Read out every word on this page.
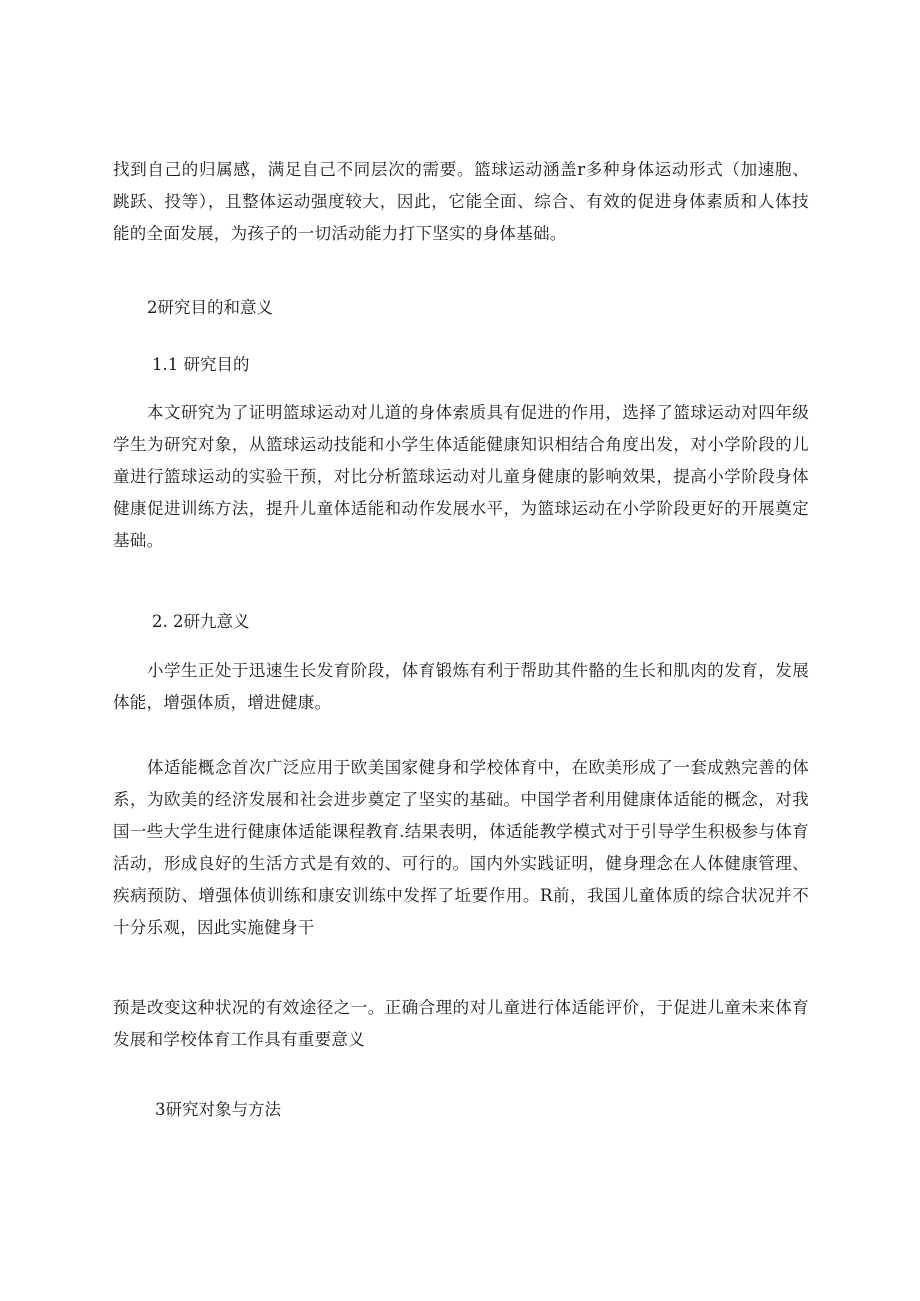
找到自己的归属感，满足自己不同层次的需要。篮球运动涵盖r多种身体运动形式（加速胞、跳跃、投等），且整体运动强度较大，因此，它能全面、综合、有效的促进身体素质和人体技能的全面发展，为孩子的一切活动能力打下坚实的身体基础。

2研究目的和意义

1.1 研究目的

本文研究为了证明篮球运动对儿道的身体索质具有促进的作用，选择了篮球运动对四年级学生为研究对象，从篮球运动技能和小学生体适能健康知识相结合角度出发，对小学阶段的儿童进行篮球运动的实验干预，对比分析篮球运动对儿童身健康的影响效果，提高小学阶段身体健康促进训练方法，提升儿童体适能和动作发展水平，为篮球运动在小学阶段更好的开展奠定基础。

2. 2研九意义

小学生正处于迅速生长发育阶段，体育锻炼有利于帮助其件骼的生长和肌肉的发育，发展体能，增强体质，增进健康。

体适能概念首次广泛应用于欧美国家健身和学校体育中，在欧美形成了一套成熟完善的体系，为欧美的经济发展和社会进步奠定了坚实的基础。中国学者利用健康体适能的概念，对我国一些大学生进行健康体适能课程教育.结果表明，体适能教学模式对于引导学生积极参与体育活动，形成良好的生活方式是有效的、可行的。国内外实践证明，健身理念在人体健康管理、疾病预防、增强体侦训练和康安训练中发挥了坵要作用。R前，我国儿童体质的综合状况并不十分乐观，因此实施健身干

预是改变这种状况的有效途径之一。正确合理的对儿童进行体适能评价，于促进儿童未来体育发展和学校体育工作具有重要意义

3研究对象与方法
